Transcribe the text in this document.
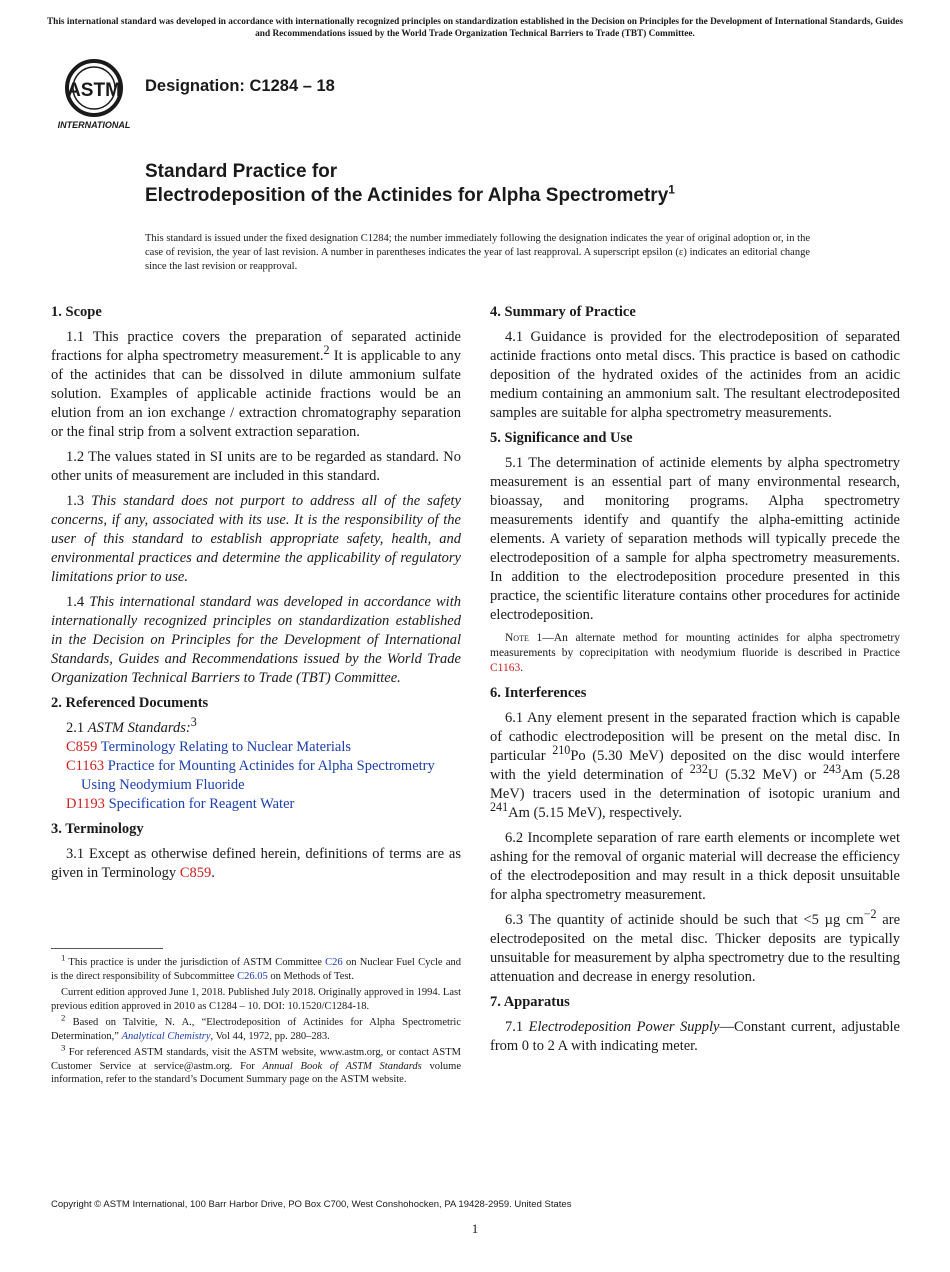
This international standard was developed in accordance with internationally recognized principles on standardization established in the Decision on Principles for the Development of International Standards, Guides and Recommendations issued by the World Trade Organization Technical Barriers to Trade (TBT) Committee.
ASTM
INTERNATIONAL
Designation: C1284 – 18
Standard Practice for
Electrodeposition of the Actinides for Alpha Spectrometry$^1$
This standard is issued under the fixed designation C1284; the number immediately following the designation indicates the year of original adoption or, in the case of revision, the year of last revision. A number in parentheses indicates the year of last reapproval. A superscript epsilon (ε) indicates an editorial change since the last revision or reapproval.
1. Scope

1.1 This practice covers the preparation of separated actinide fractions for alpha spectrometry measurement.$^2$ It is applicable to any of the actinides that can be dissolved in dilute ammonium sulfate solution. Examples of applicable actinide fractions would be an elution from an ion exchange / extraction chromatography separation or the final strip from a solvent extraction separation.

1.2 The values stated in SI units are to be regarded as standard. No other units of measurement are included in this standard.

1.3 This standard does not purport to address all of the safety concerns, if any, associated with its use. It is the responsibility of the user of this standard to establish appropriate safety, health, and environmental practices and determine the applicability of regulatory limitations prior to use.

1.4 This international standard was developed in accordance with internationally recognized principles on standardization established in the Decision on Principles for the Development of International Standards, Guides and Recommendations issued by the World Trade Organization Technical Barriers to Trade (TBT) Committee.

2. Referenced Documents

2.1 ASTM Standards:$^3$

C859 Terminology Relating to Nuclear Materials
C1163 Practice for Mounting Actinides for Alpha Spectrometry Using Neodymium Fluoride
D1193 Specification for Reagent Water
3. Terminology

3.1 Except as otherwise defined herein, definitions of terms are as given in Terminology C859.

$^1$ This practice is under the jurisdiction of ASTM Committee C26 on Nuclear Fuel Cycle and is the direct responsibility of Subcommittee C26.05 on Methods of Test.

Current edition approved June 1, 2018. Published July 2018. Originally approved in 1994. Last previous edition approved in 2010 as C1284 – 10. DOI: 10.1520/C1284-18.

$^2$ Based on Talvitie, N. A., “Electrodeposition of Actinides for Alpha Spectrometric Determination,” Analytical Chemistry, Vol 44, 1972, pp. 280–283.

$^3$ For referenced ASTM standards, visit the ASTM website, www.astm.org, or contact ASTM Customer Service at service@astm.org. For Annual Book of ASTM Standards volume information, refer to the standard’s Document Summary page on the ASTM website.

4. Summary of Practice

4.1 Guidance is provided for the electrodeposition of separated actinide fractions onto metal discs. This practice is based on cathodic deposition of the hydrated oxides of the actinides from an acidic medium containing an ammonium salt. The resultant electrodeposited samples are suitable for alpha spectrometry measurements.

5. Significance and Use

5.1 The determination of actinide elements by alpha spectrometry measurement is an essential part of many environmental research, bioassay, and monitoring programs. Alpha spectrometry measurements identify and quantify the alpha-emitting actinide elements. A variety of separation methods will typically precede the electrodeposition of a sample for alpha spectrometry measurements. In addition to the electrodeposition procedure presented in this practice, the scientific literature contains other procedures for actinide electrodeposition.

Note 1—An alternate method for mounting actinides for alpha spectrometry measurements by coprecipitation with neodymium fluoride is described in Practice C1163.

6. Interferences

6.1 Any element present in the separated fraction which is capable of cathodic electrodeposition will be present on the metal disc. In particular $^{210}$Po (5.30 MeV) deposited on the disc would interfere with the yield determination of $^{232}$U (5.32 MeV) or $^{243}$Am (5.28 MeV) tracers used in the determination of isotopic uranium and $^{241}$Am (5.15 MeV), respectively.

6.2 Incomplete separation of rare earth elements or incomplete wet ashing for the removal of organic material will decrease the efficiency of the electrodeposition and may result in a thick deposit unsuitable for alpha spectrometry measurement.

6.3 The quantity of actinide should be such that <5 µg $cm^{-2}$ are electrodeposited on the metal disc. Thicker deposits are typically unsuitable for measurement by alpha spectrometry due to the resulting attenuation and decrease in energy resolution.

7. Apparatus

7.1 Electrodeposition Power Supply—Constant current, adjustable from 0 to 2 A with indicating meter.

Copyright © ASTM International, 100 Barr Harbor Drive, PO Box C700, West Conshohocken, PA 19428-2959. United States
1
